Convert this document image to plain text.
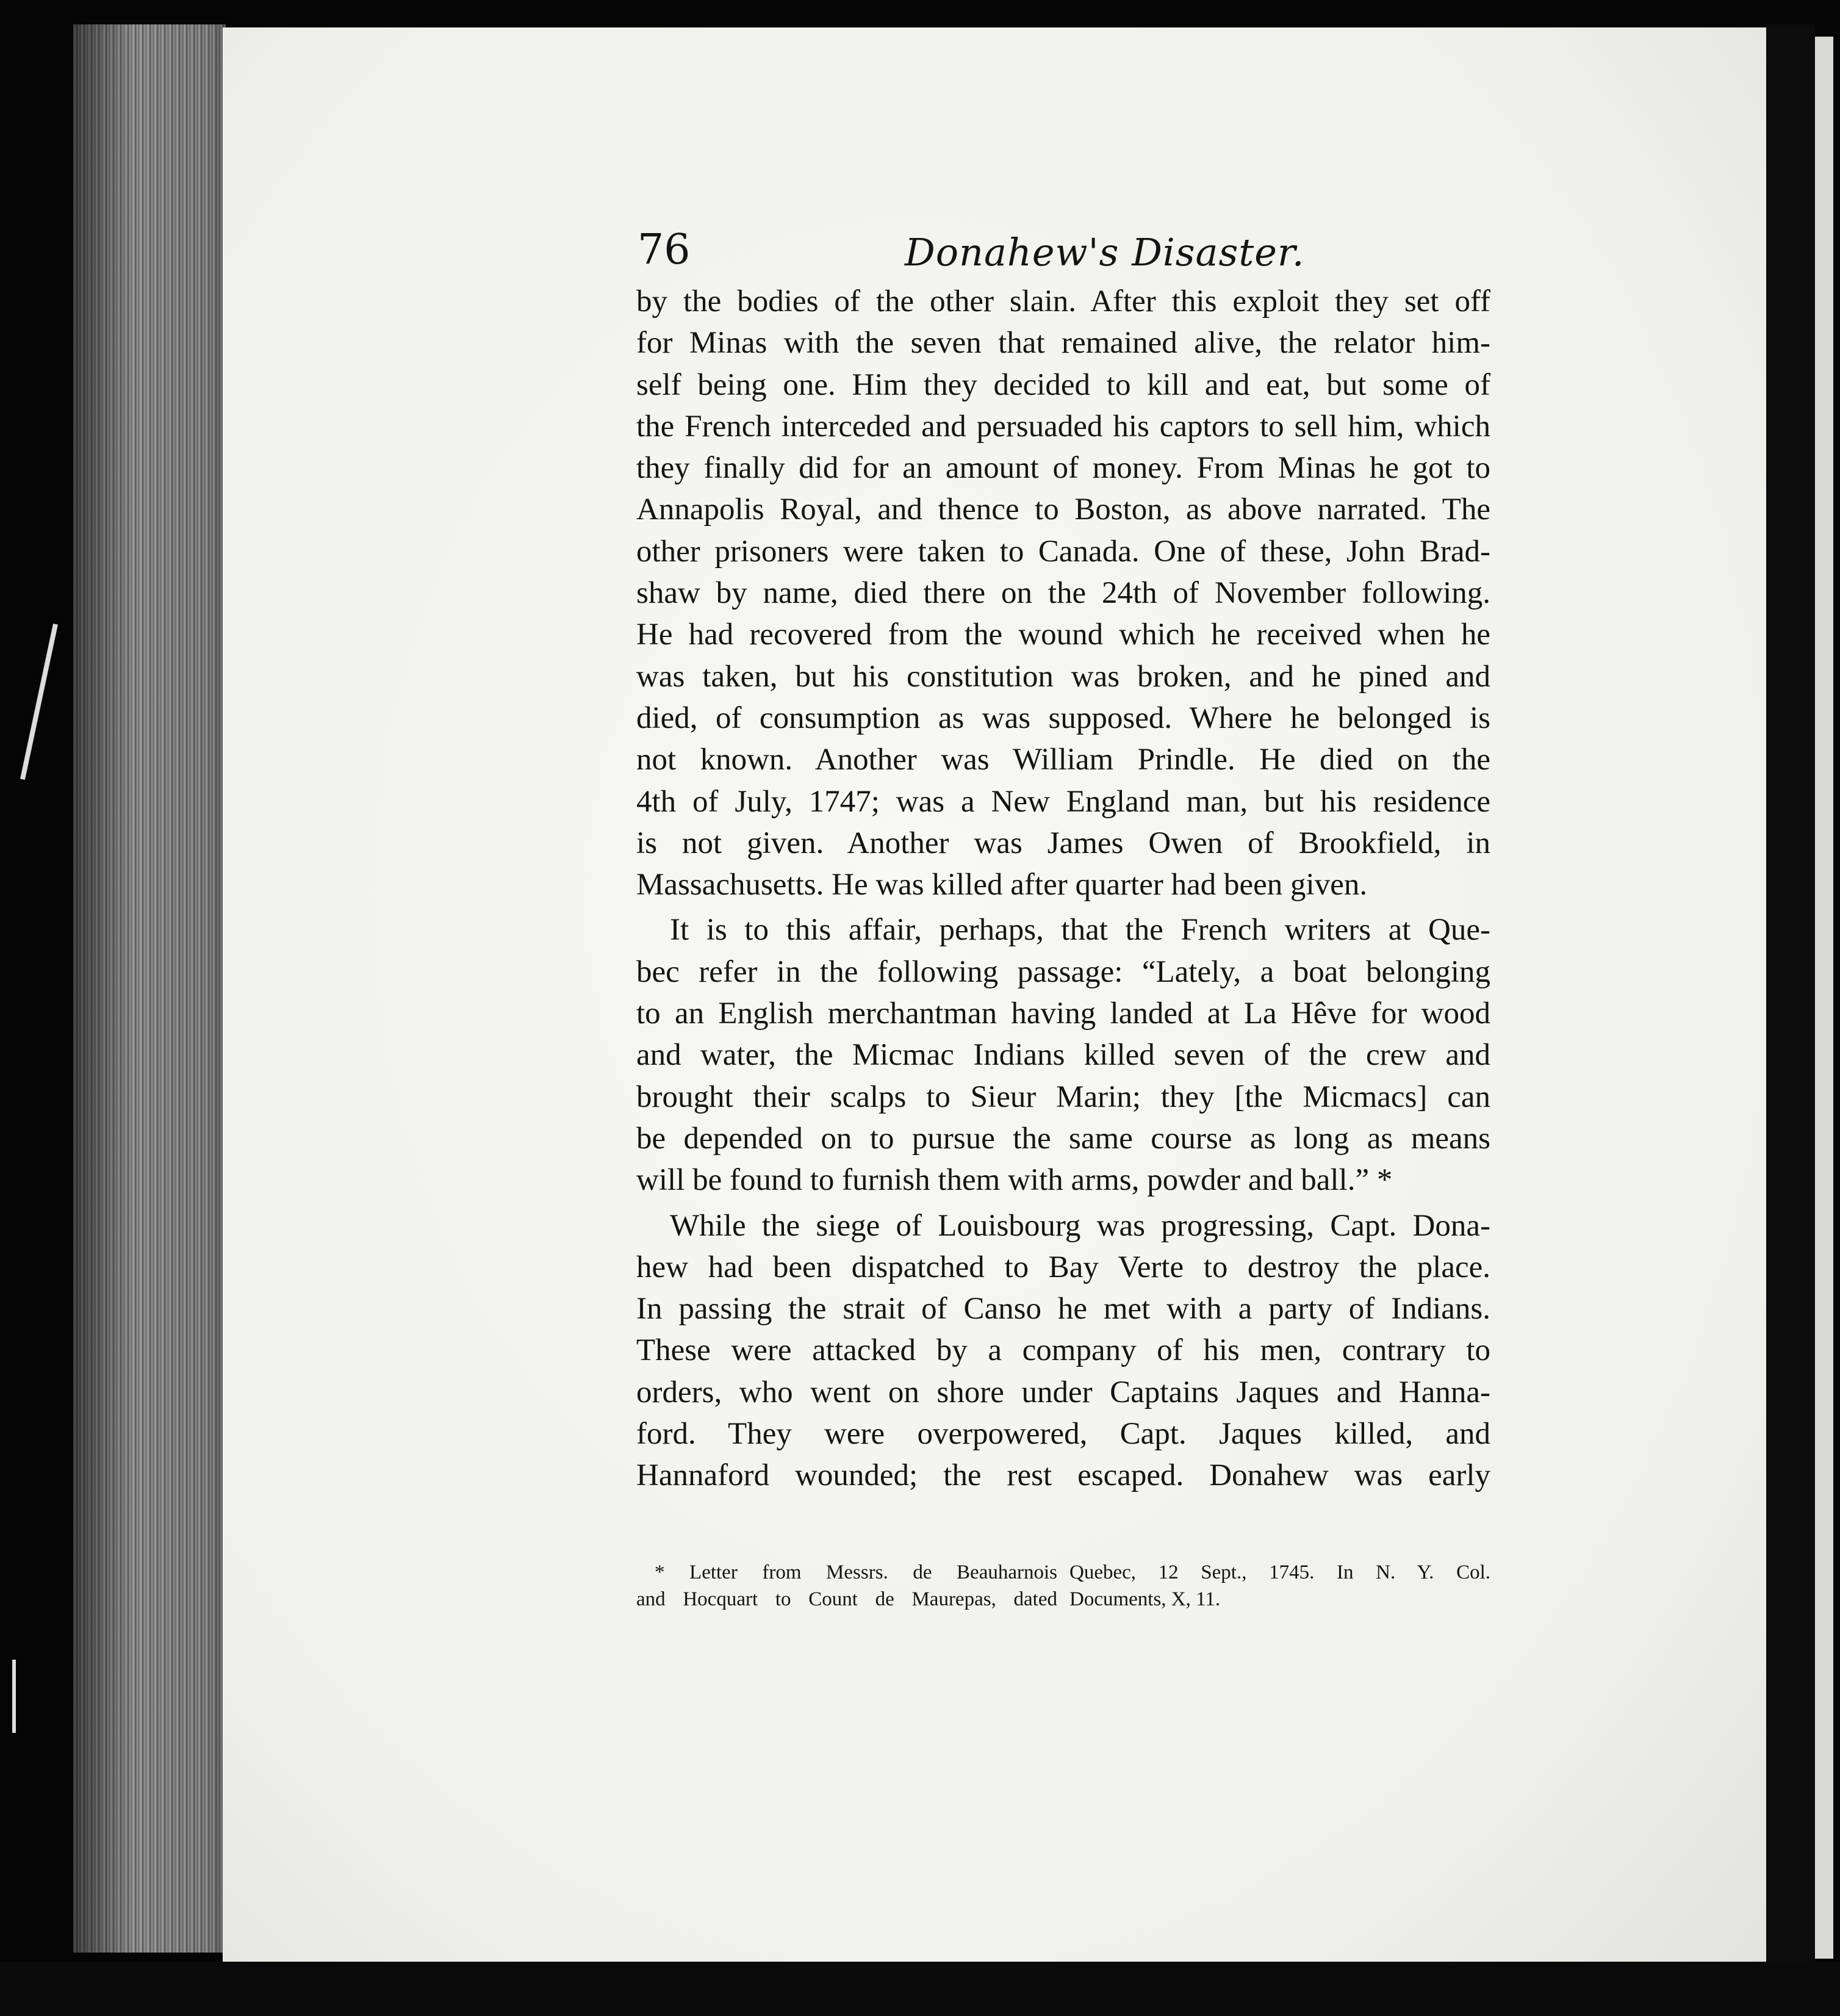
76	Donahew's Disaster.
by the bodies of the other slain. After this exploit they set off
for Minas with the seven that remained alive, the relator him-
self being one. Him they decided to kill and eat, but some of
the French interceded and persuaded his captors to sell him, which
they finally did for an amount of money. From Minas he got to
Annapolis Royal, and thence to Boston, as above narrated. The
other prisoners were taken to Canada. One of these, John Brad-
shaw by name, died there on the 24th of November following.
He had recovered from the wound which he received when he
was taken, but his constitution was broken, and he pined and
died, of consumption as was supposed. Where he belonged is
not known. Another was William Prindle. He died on the
4th of July, 1747; was a New England man, but his residence
is not given. Another was James Owen of Brookfield, in
Massachusetts. He was killed after quarter had been given.
It is to this affair, perhaps, that the French writers at Que-
bec refer in the following passage: “Lately, a boat belonging
to an English merchantman having landed at La Hêve for wood
and water, the Micmac Indians killed seven of the crew and
brought their scalps to Sieur Marin; they [the Micmacs] can
be depended on to pursue the same course as long as means
will be found to furnish them with arms, powder and ball.” *
While the siege of Louisbourg was progressing, Capt. Dona-
hew had been dispatched to Bay Verte to destroy the place.
In passing the strait of Canso he met with a party of Indians.
These were attacked by a company of his men, contrary to
orders, who went on shore under Captains Jaques and Hanna-
ford. They were overpowered, Capt. Jaques killed, and
Hannaford wounded; the rest escaped. Donahew was early
* Letter from Messrs. de Beauharnois
and Hocquart to Count de Maurepas, dated
Quebec, 12 Sept., 1745. In N. Y. Col.
Documents, X, 11.
